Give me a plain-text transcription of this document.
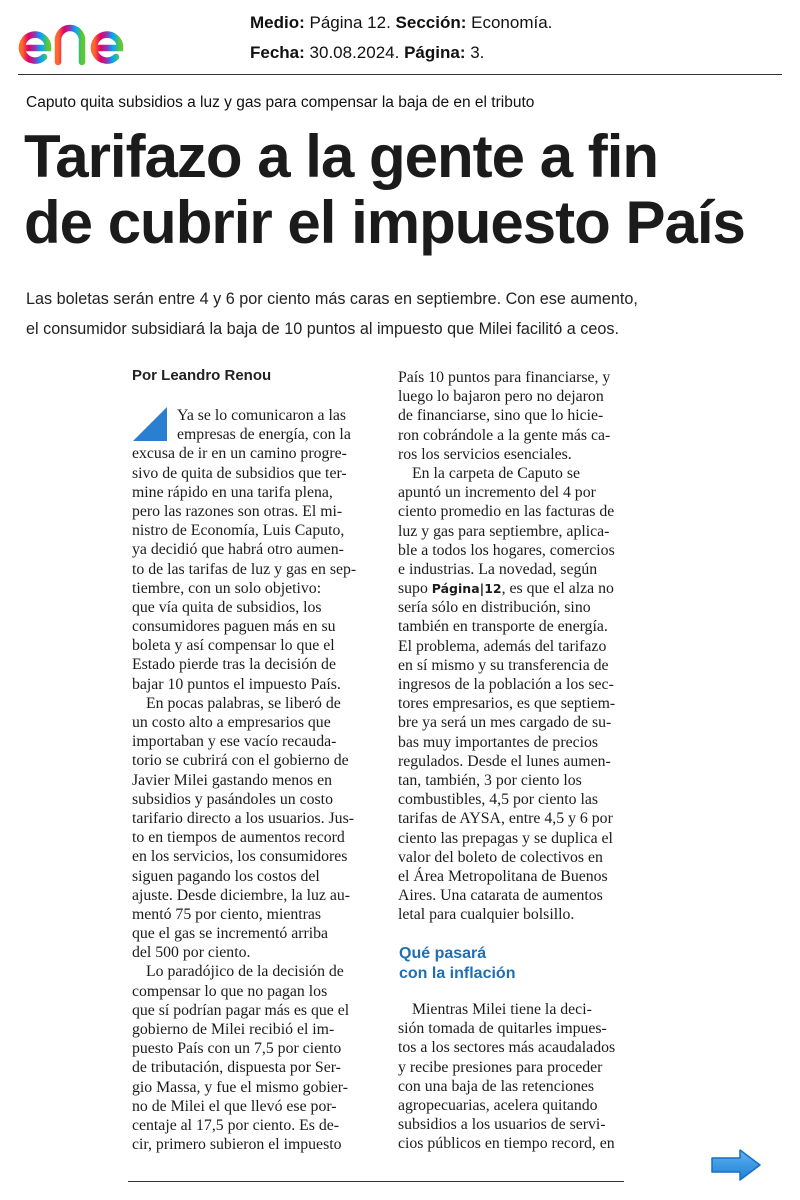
Medio: Página 12. Sección: Economía.
Fecha: 30.08.2024. Página: 3.
Caputo quita subsidios a luz y gas para compensar la baja de en el tributo
Tarifazo a la gente a fin
de cubrir el impuesto País
Las boletas serán entre 4 y 6 por ciento más caras en septiembre. Con ese aumento,
el consumidor subsidiará la baja de 10 puntos al impuesto que Milei facilitó a ceos.
Por Leandro Renou
Ya se lo comunicaron a las
empresas de energía, con la
excusa de ir en un camino progre-
sivo de quita de subsidios que ter-
mine rápido en una tarifa plena,
pero las razones son otras. El mi-
nistro de Economía, Luis Caputo,
ya decidió que habrá otro aumen-
to de las tarifas de luz y gas en sep-
tiembre, con un solo objetivo:
que vía quita de subsidios, los
consumidores paguen más en su
boleta y así compensar lo que el
Estado pierde tras la decisión de
bajar 10 puntos el impuesto País.
En pocas palabras, se liberó de
un costo alto a empresarios que
importaban y ese vacío recauda-
torio se cubrirá con el gobierno de
Javier Milei gastando menos en
subsidios y pasándoles un costo
tarifario directo a los usuarios. Jus-
to en tiempos de aumentos record
en los servicios, los consumidores
siguen pagando los costos del
ajuste. Desde diciembre, la luz au-
mentó 75 por ciento, mientras
que el gas se incrementó arriba
del 500 por ciento.
Lo paradójico de la decisión de
compensar lo que no pagan los
que sí podrían pagar más es que el
gobierno de Milei recibió el im-
puesto País con un 7,5 por ciento
de tributación, dispuesta por Ser-
gio Massa, y fue el mismo gobier-
no de Milei el que llevó ese por-
centaje al 17,5 por ciento. Es de-
cir, primero subieron el impuesto
País 10 puntos para financiarse, y
luego lo bajaron pero no dejaron
de financiarse, sino que lo hicie-
ron cobrándole a la gente más ca-
ros los servicios esenciales.
En la carpeta de Caputo se
apuntó un incremento del 4 por
ciento promedio en las facturas de
luz y gas para septiembre, aplica-
ble a todos los hogares, comercios
e industrias. La novedad, según
supo Página|12, es que el alza no
sería sólo en distribución, sino
también en transporte de energía.
El problema, además del tarifazo
en sí mismo y su transferencia de
ingresos de la población a los sec-
tores empresarios, es que septiem-
bre ya será un mes cargado de su-
bas muy importantes de precios
regulados. Desde el lunes aumen-
tan, también, 3 por ciento los
combustibles, 4,5 por ciento las
tarifas de AYSA, entre 4,5 y 6 por
ciento las prepagas y se duplica el
valor del boleto de colectivos en
el Área Metropolitana de Buenos
Aires. Una catarata de aumentos
letal para cualquier bolsillo.
Qué pasará
con la inflación
Mientras Milei tiene la deci-
sión tomada de quitarles impues-
tos a los sectores más acaudalados
y recibe presiones para proceder
con una baja de las retenciones
agropecuarias, acelera quitando
subsidios a los usuarios de servi-
cios públicos en tiempo record, en
